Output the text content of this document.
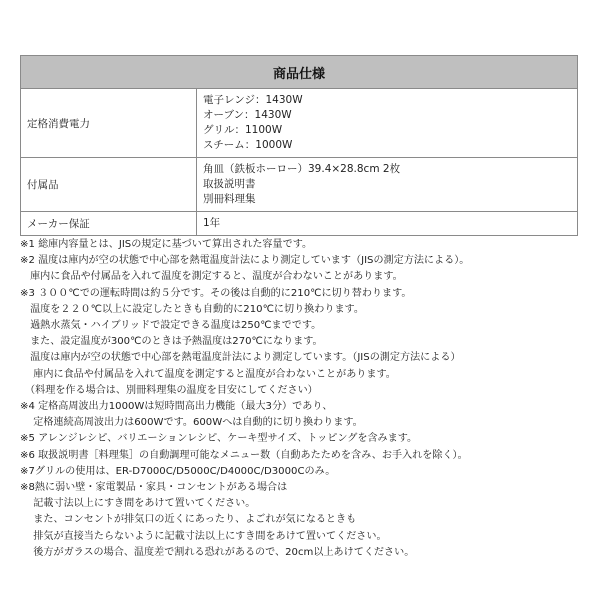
商品仕様	
定格消費電力	電子レンジ：1430W
オーブン：1430W
グリル：1100W
スチーム：1000W

付属品	角皿（鉄板ホーロー）39.4×28.8cm 2枚
取扱説明書
別冊料理集

メーカー保証	1年
※1 総庫内容量とは、JISの規定に基づいて算出された容量です。
※2 温度は庫内が空の状態で中心部を熱電温度計法により測定しています（JISの測定方法による）。
　庫内に食品や付属品を入れて温度を測定すると、温度が合わないことがあります。
※3 ３００℃での運転時間は約５分です。その後は自動的に210℃に切り替わります。
　温度を２２０℃以上に設定したときも自動的に210℃に切り換わります。
　過熱水蒸気・ハイブリッドで設定できる温度は250℃までです。
　また、設定温度が300℃のときは予熱温度は270℃になります。
　温度は庫内が空の状態で中心部を熱電温度計法により測定しています。（JISの測定方法による）
　 庫内に食品や付属品を入れて温度を測定すると温度が合わないことがあります。
　（料理を作る場合は、別冊料理集の温度を目安にしてください）
※4 定格高周波出力1000Wは短時間高出力機能（最大3分）であり、
　 定格連続高周波出力は600Wです。600Wへは自動的に切り換わります。
※5 アレンジレシピ、バリエーションレシピ、ケーキ型サイズ、トッピングを含みます。
※6 取扱説明書［料理集］の自動調理可能なメニュー数（自動あたためを含み、お手入れを除く）。
※7グリルの使用は、ER-D7000C/D5000C/D4000C/D3000Cのみ。
※8熱に弱い壁・家電製品・家具・コンセントがある場合は
　 記載寸法以上にすき間をあけて置いてください。
　 また、コンセントが排気口の近くにあったり、よごれが気になるときも
　 排気が直接当たらないように記載寸法以上にすき間をあけて置いてください。
　 後方がガラスの場合、温度差で割れる恐れがあるので、20cm以上あけてください。
